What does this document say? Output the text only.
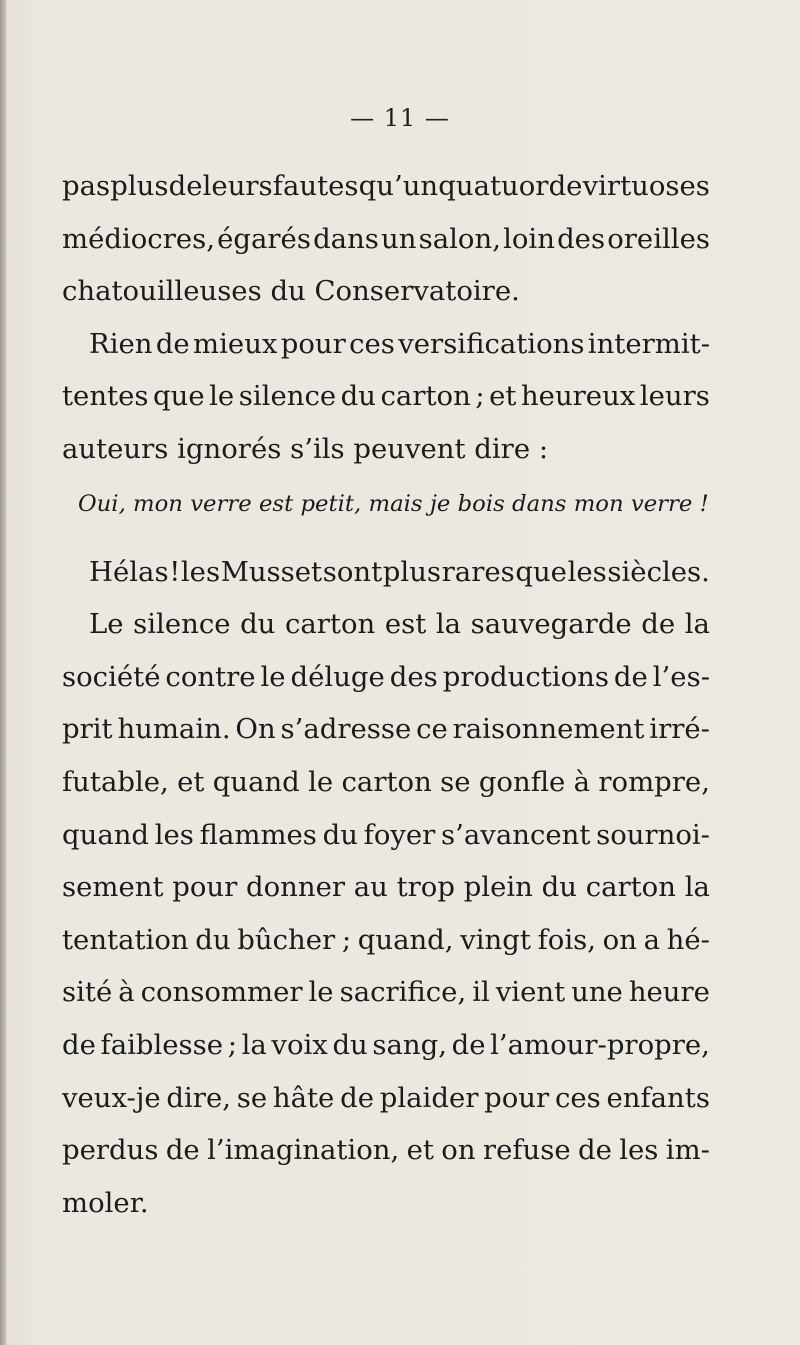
— 11 —
pas plus de leurs fautes qu’un quatuor de virtuoses
médiocres, égarés dans un salon, loin des oreilles
chatouilleuses du Conservatoire.
Rien de mieux pour ces versifications intermit-
tentes que le silence du carton ; et heureux leurs
auteurs ignorés s’ils peuvent dire :
Oui, mon verre est petit, mais je bois dans mon verre !
Hélas ! les Musset sont plus rares que les siècles.
Le silence du carton est la sauvegarde de la
société contre le déluge des productions de l’es-
prit humain. On s’adresse ce raisonnement irré-
futable, et quand le carton se gonfle à rompre,
quand les flammes du foyer s’avancent sournoi-
sement pour donner au trop plein du carton la
tentation du bûcher ; quand, vingt fois, on a hé-
sité à consommer le sacrifice, il vient une heure
de faiblesse ; la voix du sang, de l’amour-propre,
veux-je dire, se hâte de plaider pour ces enfants
perdus de l’imagination, et on refuse de les im-
moler.
